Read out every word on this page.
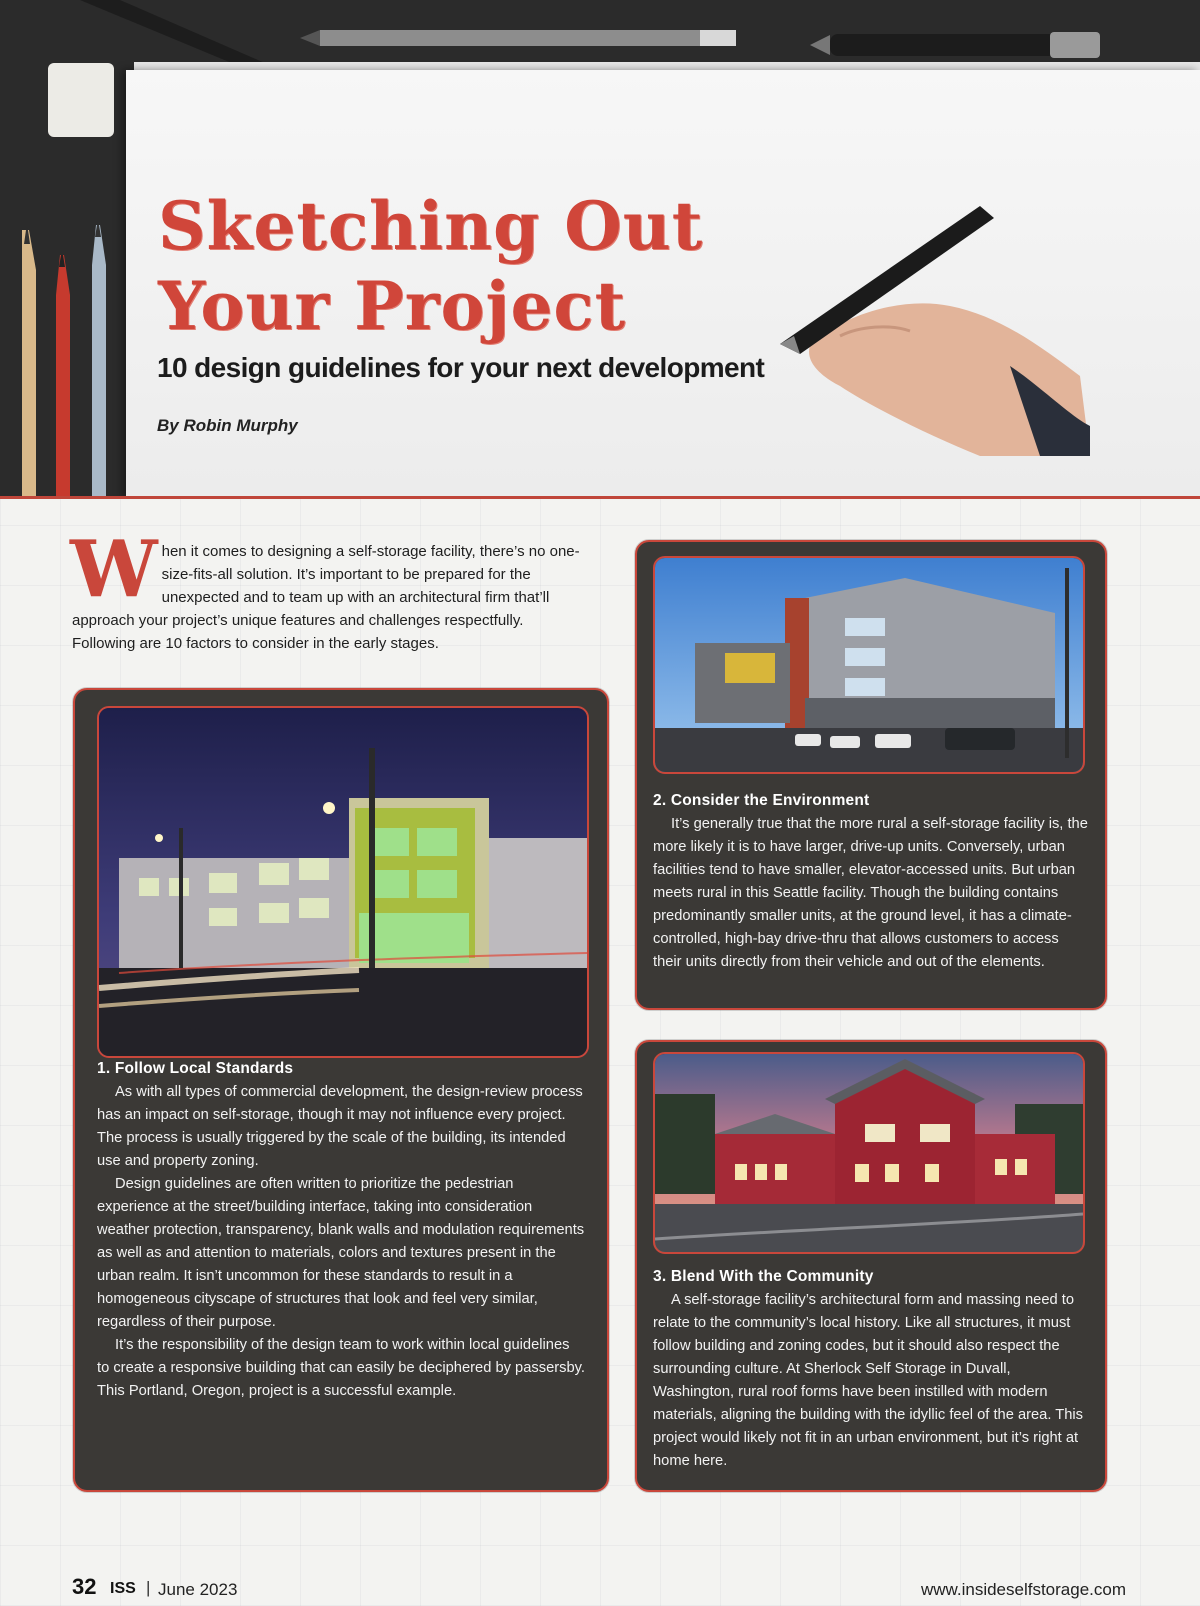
Sketching Out
Your Project
10 design guidelines for your next development
By Robin Murphy
W hen it comes to designing a self-storage facility, there’s no one-size-fits-all solution. It’s important to be prepared for the unexpected and to team up with an architectural firm that’ll approach your project’s unique features and challenges respectfully. Following are 10 factors to consider in the early stages.
1. Follow Local Standards

As with all types of commercial development, the design-review process has an impact on self-storage, though it may not influence every project. The process is usually triggered by the scale of the building, its intended use and property zoning.

Design guidelines are often written to prioritize the pedestrian experience at the street/building interface, taking into consideration weather protection, transparency, blank walls and modulation requirements as well as and attention to materials, colors and textures present in the urban realm. It isn’t uncommon for these standards to result in a homogeneous cityscape of structures that look and feel very similar, regardless of their purpose.

It’s the responsibility of the design team to work within local guidelines to create a responsive building that can easily be deciphered by passersby. This Portland, Oregon, project is a successful example.

2. Consider the Environment

It’s generally true that the more rural a self-storage facility is, the more likely it is to have larger, drive-up units. Conversely, urban facilities tend to have smaller, elevator-accessed units. But urban meets rural in this Seattle facility. Though the building contains predominantly smaller units, at the ground level, it has a climate-controlled, high-bay drive-thru that allows customers to access their units directly from their vehicle and out of the elements.

3. Blend With the Community

A self-storage facility’s architectural form and massing need to relate to the community’s local history. Like all structures, it must follow building and zoning codes, but it should also respect the surrounding culture. At Sherlock Self Storage in Duvall, Washington, rural roof forms have been instilled with modern materials, aligning the building with the idyllic feel of the area. This project would likely not fit in an urban environment, but it’s right at home here.

32 ISS | June 2023	www.insideselfstorage.com
